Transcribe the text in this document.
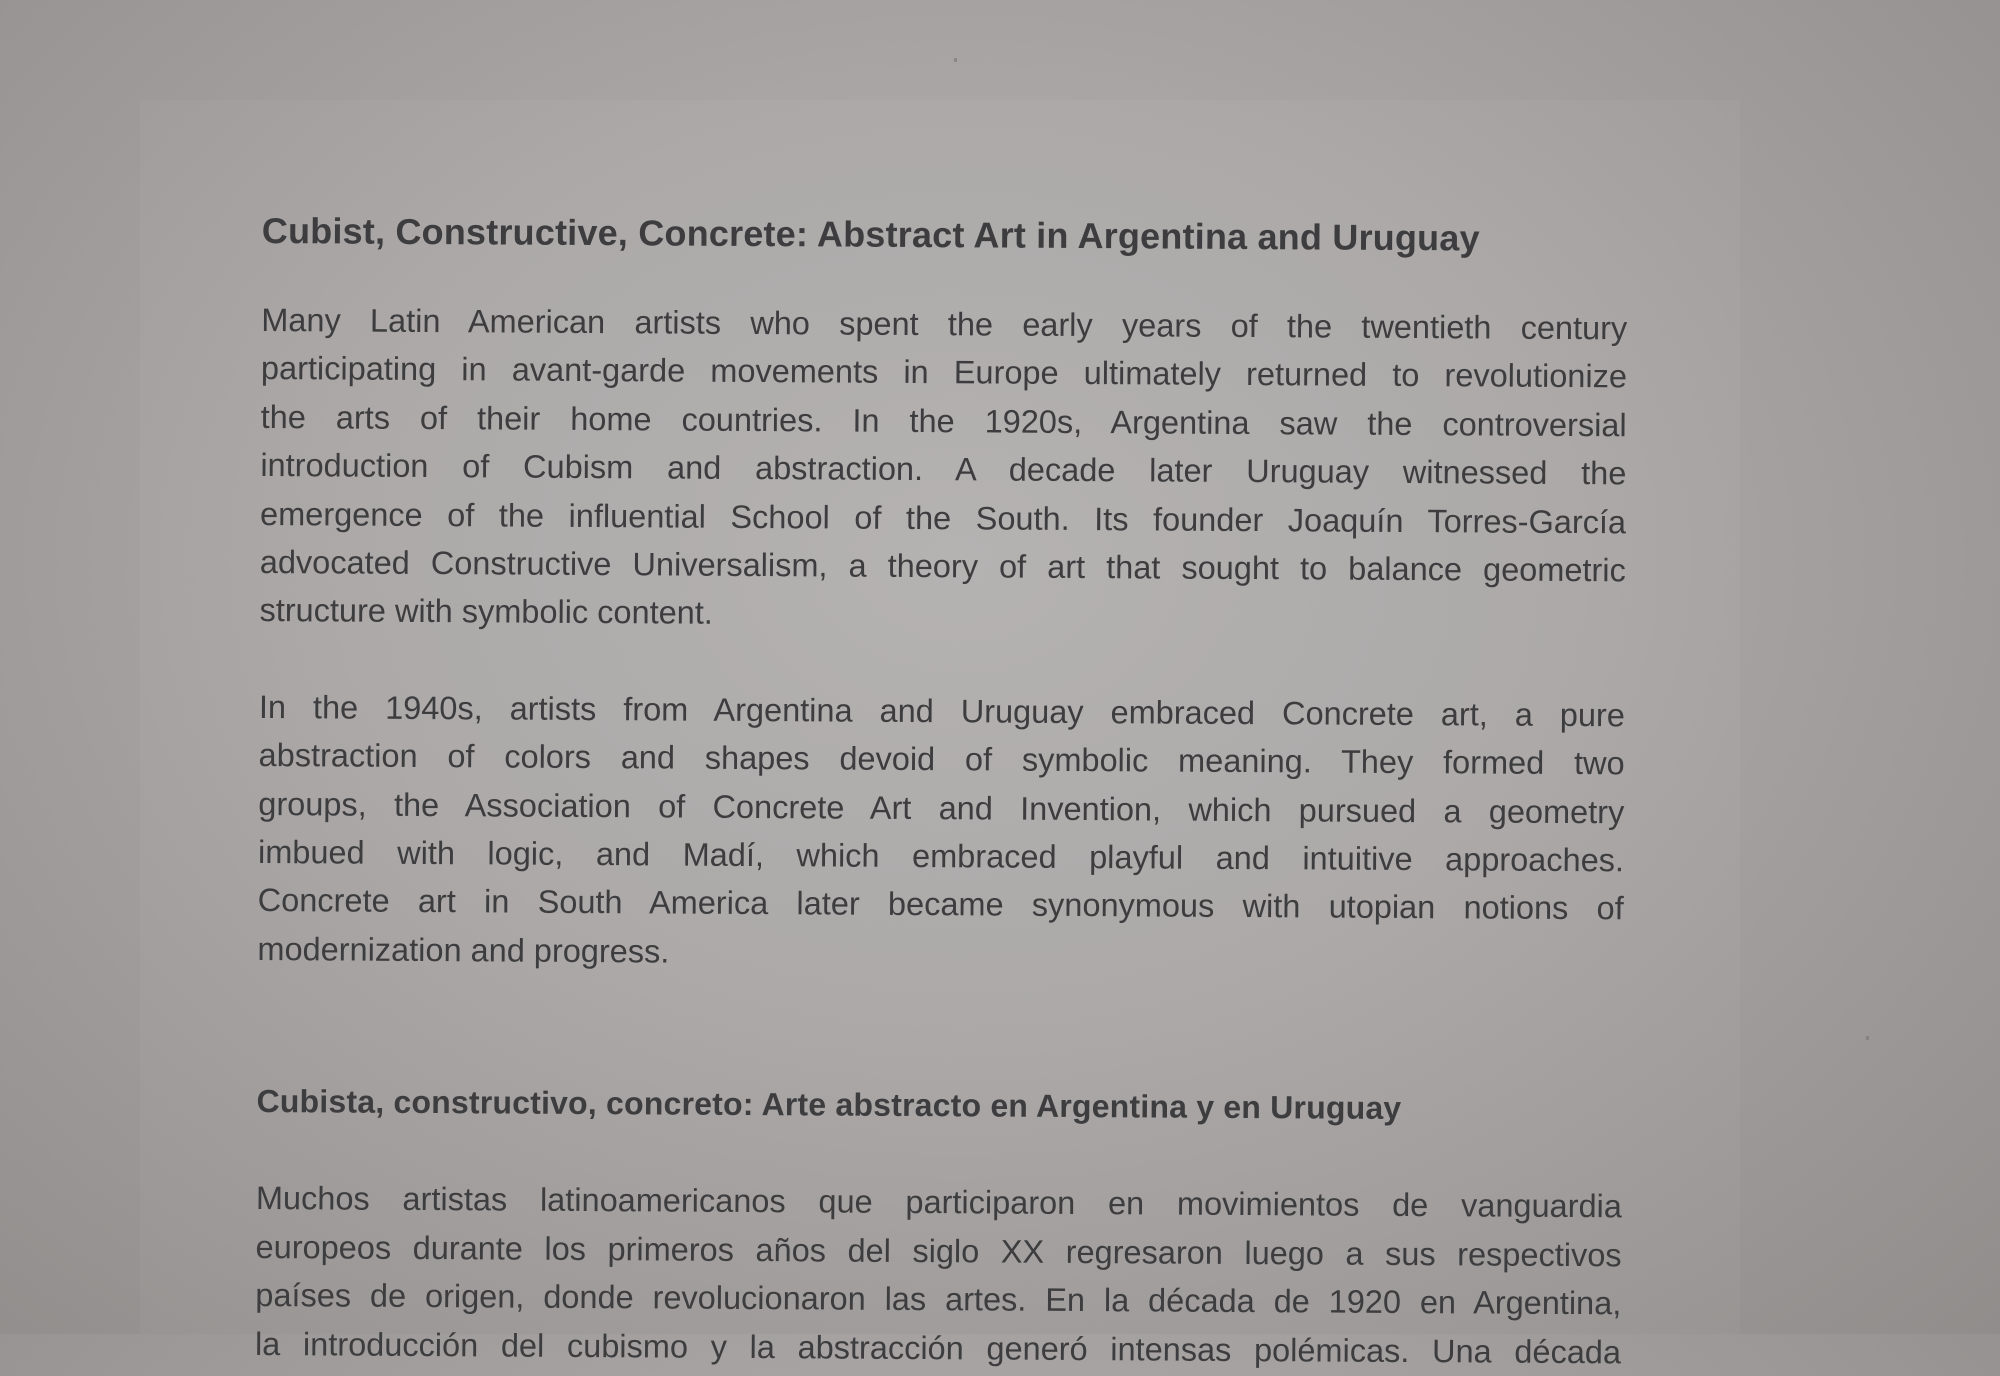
Cubist, Constructive, Concrete: Abstract Art in Argentina and Uruguay

Many Latin American artists who spent the early years of the twentieth century
participating in avant-garde movements in Europe ultimately returned to revolutionize
the arts of their home countries. In the 1920s, Argentina saw the controversial
introduction of Cubism and abstraction. A decade later Uruguay witnessed the
emergence of the influential School of the South. Its founder Joaquín Torres-García
advocated Constructive Universalism, a theory of art that sought to balance geometric
structure with symbolic content.

In the 1940s, artists from Argentina and Uruguay embraced Concrete art, a pure
abstraction of colors and shapes devoid of symbolic meaning. They formed two
groups, the Association of Concrete Art and Invention, which pursued a geometry
imbued with logic, and Madí, which embraced playful and intuitive approaches.
Concrete art in South America later became synonymous with utopian notions of
modernization and progress.

Cubista, constructivo, concreto: Arte abstracto en Argentina y en Uruguay

Muchos artistas latinoamericanos que participaron en movimientos de vanguardia
europeos durante los primeros años del siglo XX regresaron luego a sus respectivos
países de origen, donde revolucionaron las artes. En la década de 1920 en Argentina,
la introducción del cubismo y la abstracción generó intensas polémicas. Una década
